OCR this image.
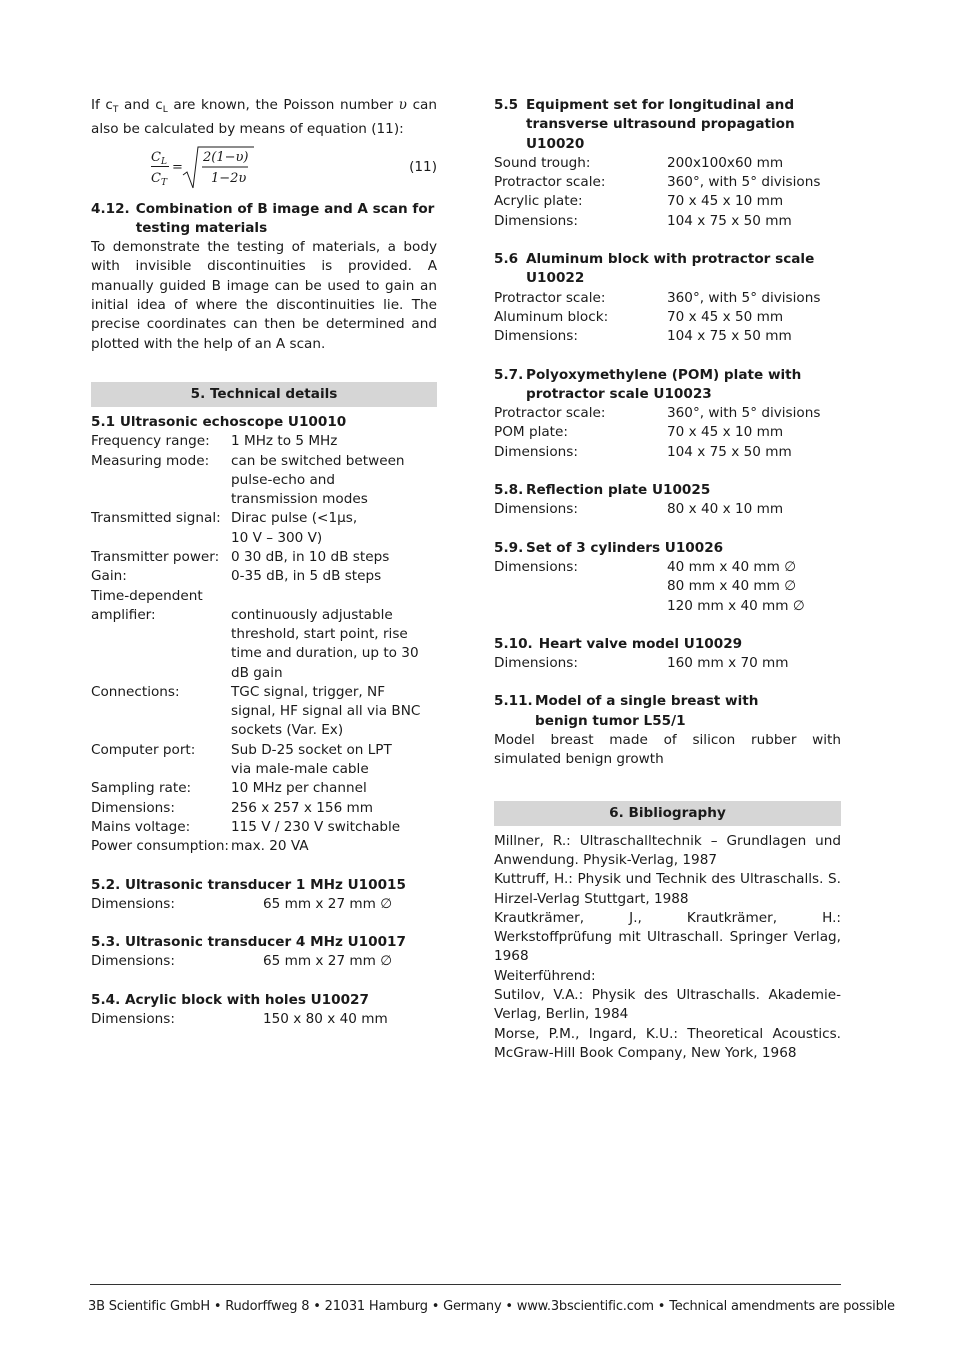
If $c_T$ and $c_L$ are known, the Poisson number υ can also be calculated by means of equation (11):

$C_L$
$C_T$
=
2(1−υ)
1−2υ
(11)
4.12. Combination of B image and A scan for testing materials

To demonstrate the testing of materials, a body with invisible discontinuities is provided. A manually guided B image can be used to gain an initial idea of where the discontinuities lie. The precise coordinates can then be determined and plotted with the help of an A scan.

5. Technical details
5.1 Ultrasonic echoscope U10010
Frequency range:	1 MHz to 5 MHz
Measuring mode:	can be switched between pulse-echo and transmission modes
Transmitted signal: Dirac pulse (<1µs, 10 V – 300 V)
Transmitter power: 0 30 dB, in 10 dB steps
Gain:	0-35 dB, in 5 dB steps
Time-dependent amplifier:	continuously adjustable threshold, start point, rise time and duration, up to 30 dB gain
Connections:	TGC signal, trigger, NF signal, HF signal all via BNC sockets (Var. Ex)
Computer port:	Sub D-25 socket on LPT via male-male cable
Sampling rate:	10 MHz per channel
Dimensions:	256 x 257 x 156 mm
Mains voltage:	115 V / 230 V switchable
Power consumption: max. 20 VA
5.2. Ultrasonic transducer 1 MHz U10015
Dimensions:	65 mm x 27 mm ∅
5.3. Ultrasonic transducer 4 MHz U10017
Dimensions:	65 mm x 27 mm ∅
5.4. Acrylic block with holes U10027
Dimensions:	150 x 80 x 40 mm
5.5 Equipment set for longitudinal and transverse ultrasound propagation U10020
Sound trough:	200x100x60 mm
Protractor scale:	360°, with 5° divisions
Acrylic plate:	70 x 45 x 10 mm
Dimensions:	104 x 75 x 50 mm
5.6 Aluminum block with protractor scale U10022
Protractor scale:	360°, with 5° divisions
Aluminum block:	70 x 45 x 50 mm
Dimensions:	104 x 75 x 50 mm
5.7. Polyoxymethylene (POM) plate with protractor scale U10023
Protractor scale:	360°, with 5° divisions
POM plate:	70 x 45 x 10 mm
Dimensions:	104 x 75 x 50 mm
5.8. Reflection plate U10025
Dimensions:	80 x 40 x 10 mm
5.9. Set of 3 cylinders U10026
Dimensions:	40 mm x 40 mm ∅
80 mm x 40 mm ∅
120 mm x 40 mm ∅
5.10. Heart valve model U10029
Dimensions:	160 mm x 70 mm
5.11. Model of a single breast with benign tumor L55/1

Model breast made of silicon rubber with simulated benign growth

6. Bibliography

Millner, R.: Ultraschalltechnik – Grundlagen und Anwendung. Physik-Verlag, 1987

Kuttruff, H.: Physik und Technik des Ultraschalls. S. Hirzel-Verlag Stuttgart, 1988

Krautkrämer, J., Krautkrämer, H.: Werkstoffprüfung mit Ultraschall. Springer Verlag, 1968

Weiterführend:

Sutilov, V.A.: Physik des Ultraschalls. Akademie-Verlag, Berlin, 1984

Morse, P.M., Ingard, K.U.: Theoretical Acoustics. McGraw-Hill Book Company, New York, 1968

3B Scientific GmbH • Rudorffweg 8 • 21031 Hamburg • Germany • www.3bscientific.com • Technical amendments are possible
